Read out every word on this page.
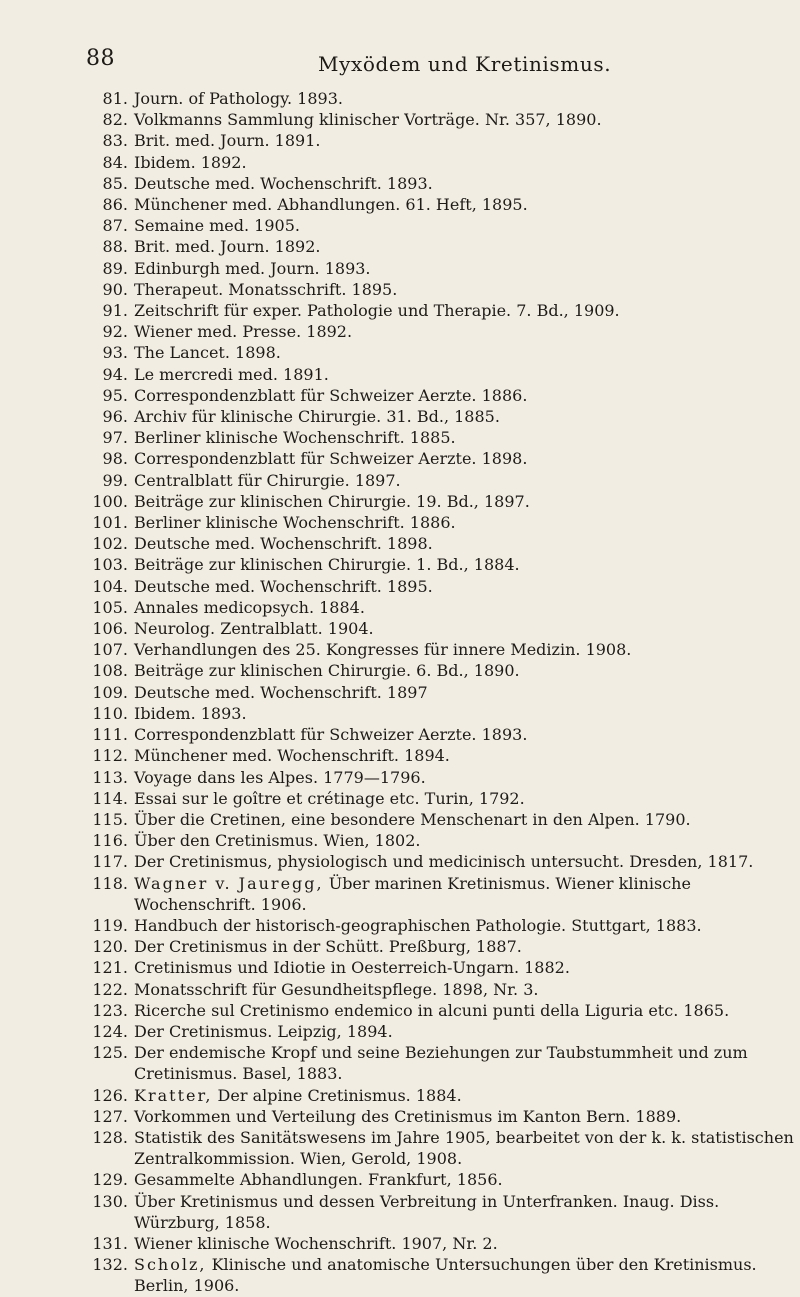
88	Myxödem und Kretinismus.
81. Journ. of Pathology. 1893.
82. Volkmanns Sammlung klinischer Vorträge. Nr. 357, 1890.
83. Brit. med. Journ. 1891.
84. Ibidem. 1892.
85. Deutsche med. Wochenschrift. 1893.
86. Münchener med. Abhandlungen. 61. Heft, 1895.
87. Semaine med. 1905.
88. Brit. med. Journ. 1892.
89. Edinburgh med. Journ. 1893.
90. Therapeut. Monatsschrift. 1895.
91. Zeitschrift für exper. Pathologie und Therapie. 7. Bd., 1909.
92. Wiener med. Presse. 1892.
93. The Lancet. 1898.
94. Le mercredi med. 1891.
95. Correspondenzblatt für Schweizer Aerzte. 1886.
96. Archiv für klinische Chirurgie. 31. Bd., 1885.
97. Berliner klinische Wochenschrift. 1885.
98. Correspondenzblatt für Schweizer Aerzte. 1898.
99. Centralblatt für Chirurgie. 1897.
100. Beiträge zur klinischen Chirurgie. 19. Bd., 1897.
101. Berliner klinische Wochenschrift. 1886.
102. Deutsche med. Wochenschrift. 1898.
103. Beiträge zur klinischen Chirurgie. 1. Bd., 1884.
104. Deutsche med. Wochenschrift. 1895.
105. Annales medicopsych. 1884.
106. Neurolog. Zentralblatt. 1904.
107. Verhandlungen des 25. Kongresses für innere Medizin. 1908.
108. Beiträge zur klinischen Chirurgie. 6. Bd., 1890.
109. Deutsche med. Wochenschrift. 1897
110. Ibidem. 1893.
111. Correspondenzblatt für Schweizer Aerzte. 1893.
112. Münchener med. Wochenschrift. 1894.
113. Voyage dans les Alpes. 1779—1796.
114. Essai sur le goître et crétinage etc. Turin, 1792.
115. Über die Cretinen, eine besondere Menschenart in den Alpen. 1790.
116. Über den Cretinismus. Wien, 1802.
117. Der Cretinismus, physiologisch und medicinisch untersucht. Dresden, 1817.
118. Wagner v. Jauregg, Über marinen Kretinismus. Wiener klinische Wochenschrift. 1906.
119. Handbuch der historisch-geographischen Pathologie. Stuttgart, 1883.
120. Der Cretinismus in der Schütt. Preßburg, 1887.
121. Cretinismus und Idiotie in Oesterreich-Ungarn. 1882.
122. Monatsschrift für Gesundheitspflege. 1898, Nr. 3.
123. Ricerche sul Cretinismo endemico in alcuni punti della Liguria etc. 1865.
124. Der Cretinismus. Leipzig, 1894.
125. Der endemische Kropf und seine Beziehungen zur Taubstummheit und zum Cretinismus. Basel, 1883.
126. Kratter, Der alpine Cretinismus. 1884.
127. Vorkommen und Verteilung des Cretinismus im Kanton Bern. 1889.
128. Statistik des Sanitätswesens im Jahre 1905, bearbeitet von der k. k. statistischen Zentralkommission. Wien, Gerold, 1908.
129. Gesammelte Abhandlungen. Frankfurt, 1856.
130. Über Kretinismus und dessen Verbreitung in Unterfranken. Inaug. Diss. Würzburg, 1858.
131. Wiener klinische Wochenschrift. 1907, Nr. 2.
132. Scholz, Klinische und anatomische Untersuchungen über den Kretinismus. Berlin, 1906.
